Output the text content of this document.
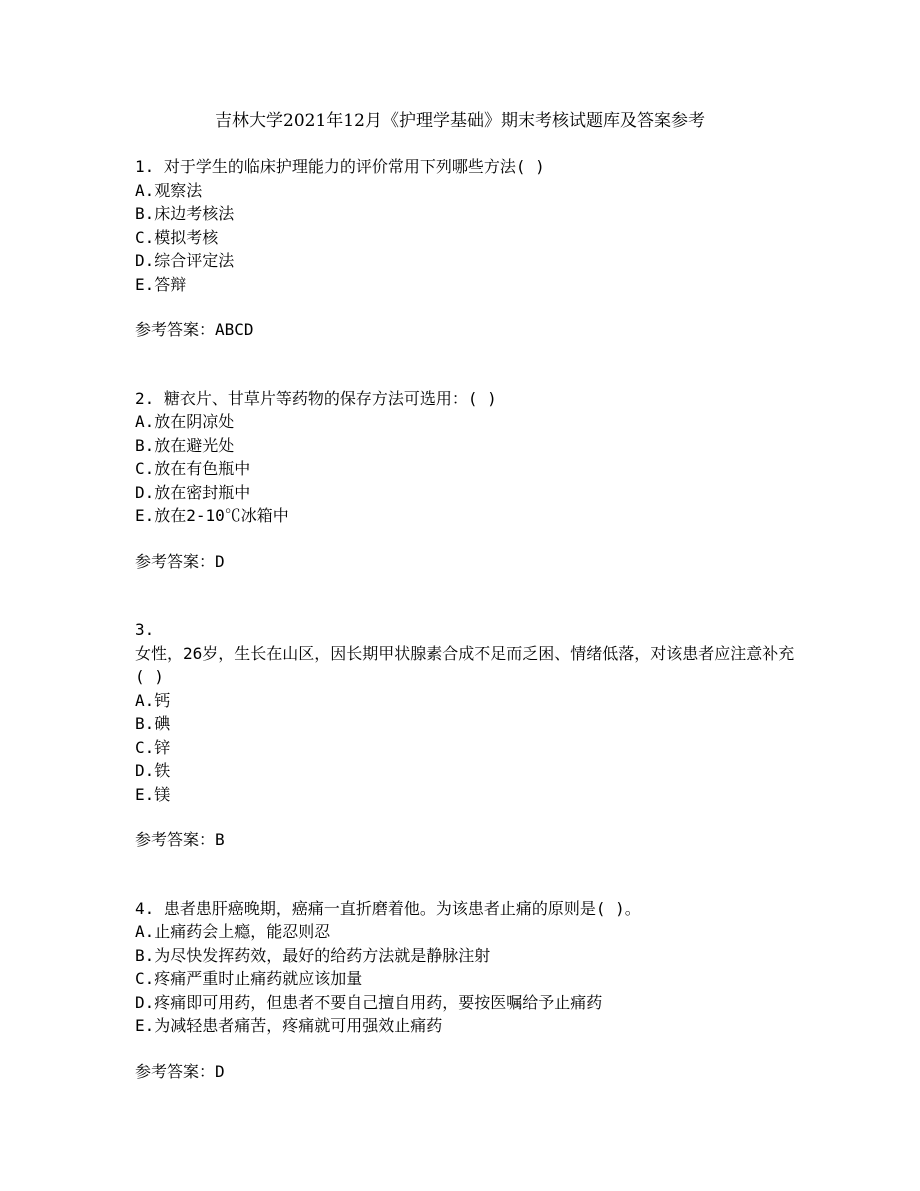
吉林大学2021年12月《护理学基础》期末考核试题库及答案参考
1. 对于学生的临床护理能力的评价常用下列哪些方法( )
A.观察法
B.床边考核法
C.模拟考核
D.综合评定法
E.答辩
参考答案：ABCD
2. 糖衣片、甘草片等药物的保存方法可选用：( )
A.放在阴凉处
B.放在避光处
C.放在有色瓶中
D.放在密封瓶中
E.放在2-10℃冰箱中
参考答案：D
3.
女性，26岁，生长在山区，因长期甲状腺素合成不足而乏困、情绪低落，对该患者应注意补充( )
A.钙
B.碘
C.锌
D.铁
E.镁
参考答案：B
4. 患者患肝癌晚期，癌痛一直折磨着他。为该患者止痛的原则是( )。
A.止痛药会上瘾，能忍则忍
B.为尽快发挥药效，最好的给药方法就是静脉注射
C.疼痛严重时止痛药就应该加量
D.疼痛即可用药，但患者不要自己擅自用药，要按医嘱给予止痛药
E.为减轻患者痛苦，疼痛就可用强效止痛药
参考答案：D
